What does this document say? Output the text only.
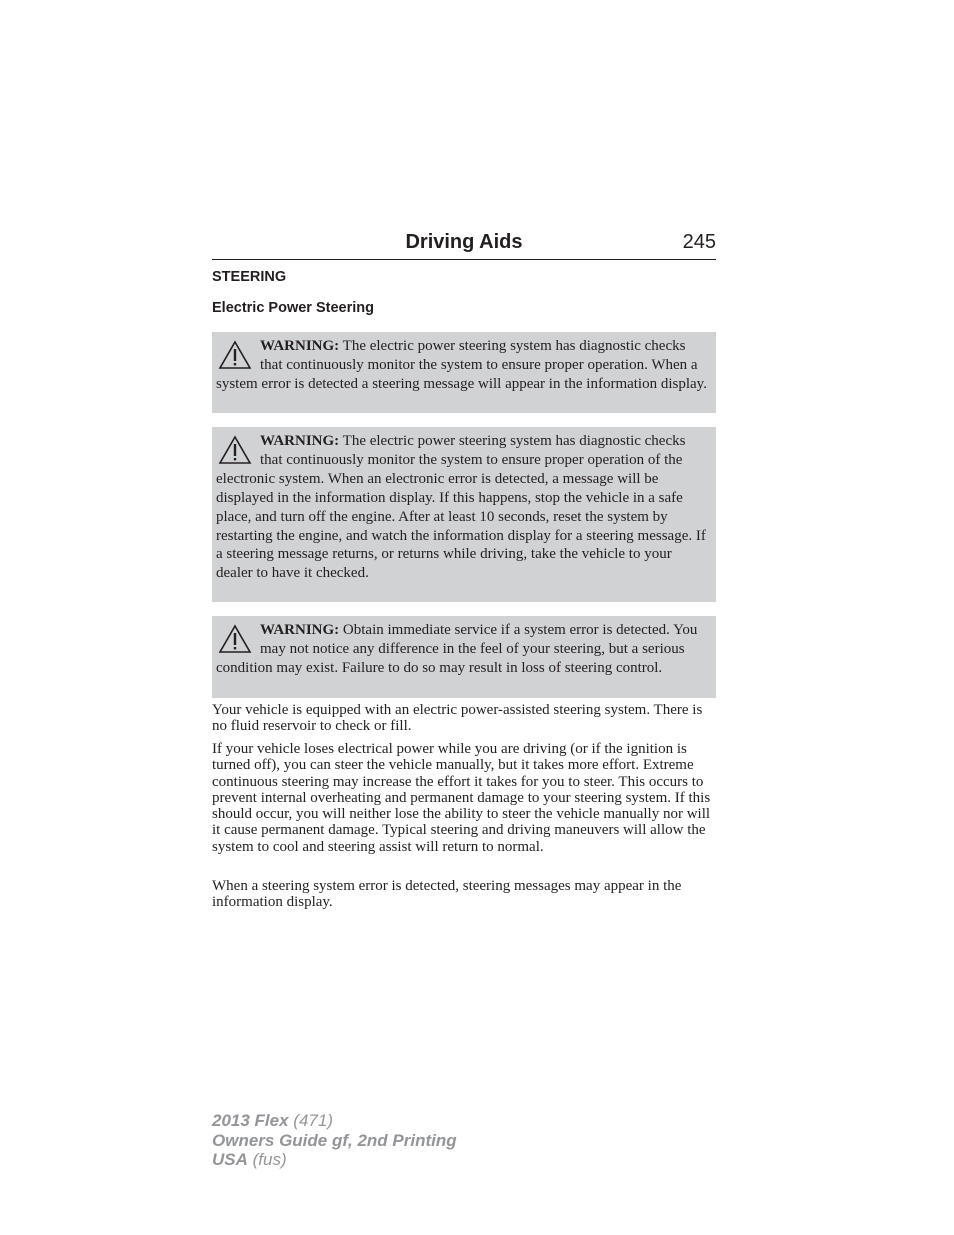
Driving Aids	245
STEERING
Electric Power Steering
WARNING: The electric power steering system has diagnostic checks that continuously monitor the system to ensure proper operation. When a system error is detected a steering message will appear in the information display.
WARNING: The electric power steering system has diagnostic checks that continuously monitor the system to ensure proper operation of the electronic system. When an electronic error is detected, a message will be displayed in the information display. If this happens, stop the vehicle in a safe place, and turn off the engine. After at least 10 seconds, reset the system by restarting the engine, and watch the information display for a steering message. If a steering message returns, or returns while driving, take the vehicle to your dealer to have it checked.
WARNING: Obtain immediate service if a system error is detected. You may not notice any difference in the feel of your steering, but a serious condition may exist. Failure to do so may result in loss of steering control.
Your vehicle is equipped with an electric power-assisted steering system. There is no fluid reservoir to check or fill.
If your vehicle loses electrical power while you are driving (or if the ignition is turned off), you can steer the vehicle manually, but it takes more effort. Extreme continuous steering may increase the effort it takes for you to steer. This occurs to prevent internal overheating and permanent damage to your steering system. If this should occur, you will neither lose the ability to steer the vehicle manually nor will it cause permanent damage. Typical steering and driving maneuvers will allow the system to cool and steering assist will return to normal.
When a steering system error is detected, steering messages may appear in the information display.
2013 Flex (471)
Owners Guide gf, 2nd Printing
USA (fus)
